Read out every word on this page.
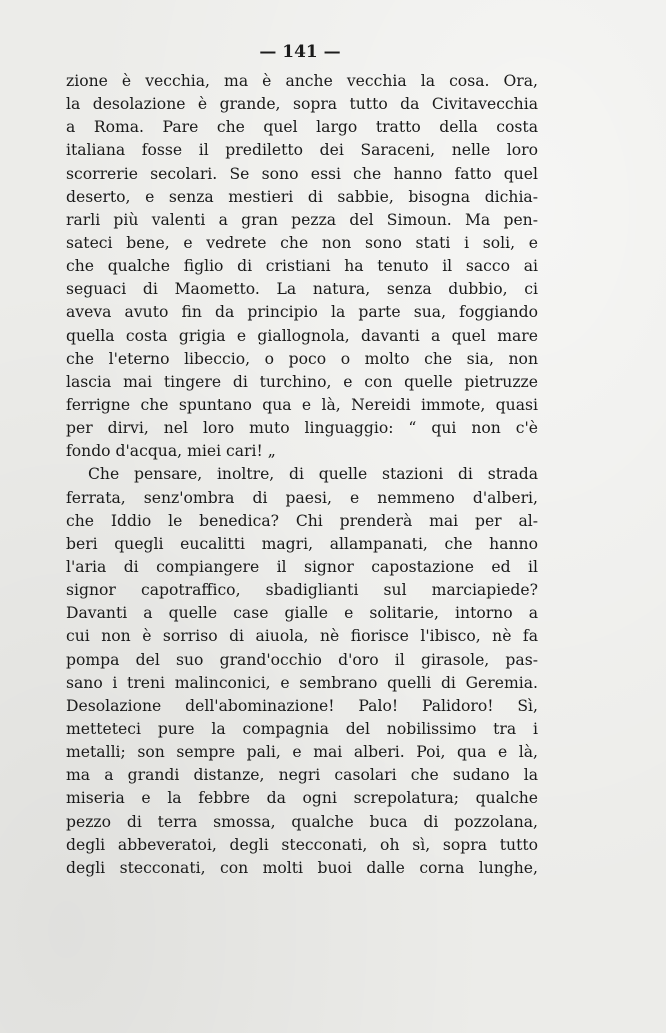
— 141 —
zione è vecchia, ma è anche vecchia la cosa. Ora,
la desolazione è grande, sopra tutto da Civitavecchia
a Roma. Pare che quel largo tratto della costa
italiana fosse il prediletto dei Saraceni, nelle loro
scorrerie secolari. Se sono essi che hanno fatto quel
deserto, e senza mestieri di sabbie, bisogna dichia-
rarli più valenti a gran pezza del Simoun. Ma pen-
sateci bene, e vedrete che non sono stati i soli, e
che qualche figlio di cristiani ha tenuto il sacco ai
seguaci di Maometto. La natura, senza dubbio, ci
aveva avuto fin da principio la parte sua, foggiando
quella costa grigia e giallognola, davanti a quel mare
che l'eterno libeccio, o poco o molto che sia, non
lascia mai tingere di turchino, e con quelle pietruzze
ferrigne che spuntano qua e là, Nereidi immote, quasi
per dirvi, nel loro muto linguaggio: “ qui non c'è
fondo d'acqua, miei cari! „
Che pensare, inoltre, di quelle stazioni di strada
ferrata, senz'ombra di paesi, e nemmeno d'alberi,
che Iddio le benedica? Chi prenderà mai per al-
beri quegli eucalitti magri, allampanati, che hanno
l'aria di compiangere il signor capostazione ed il
signor capotraffico, sbadiglianti sul marciapiede?
Davanti a quelle case gialle e solitarie, intorno a
cui non è sorriso di aiuola, nè fiorisce l'ibisco, nè fa
pompa del suo grand'occhio d'oro il girasole, pas-
sano i treni malinconici, e sembrano quelli di Geremia.
Desolazione dell'abominazione! Palo! Palidoro! Sì,
metteteci pure la compagnia del nobilissimo tra i
metalli; son sempre pali, e mai alberi. Poi, qua e là,
ma a grandi distanze, negri casolari che sudano la
miseria e la febbre da ogni screpolatura; qualche
pezzo di terra smossa, qualche buca di pozzolana,
degli abbeveratoi, degli stecconati, oh sì, sopra tutto
degli stecconati, con molti buoi dalle corna lunghe,
